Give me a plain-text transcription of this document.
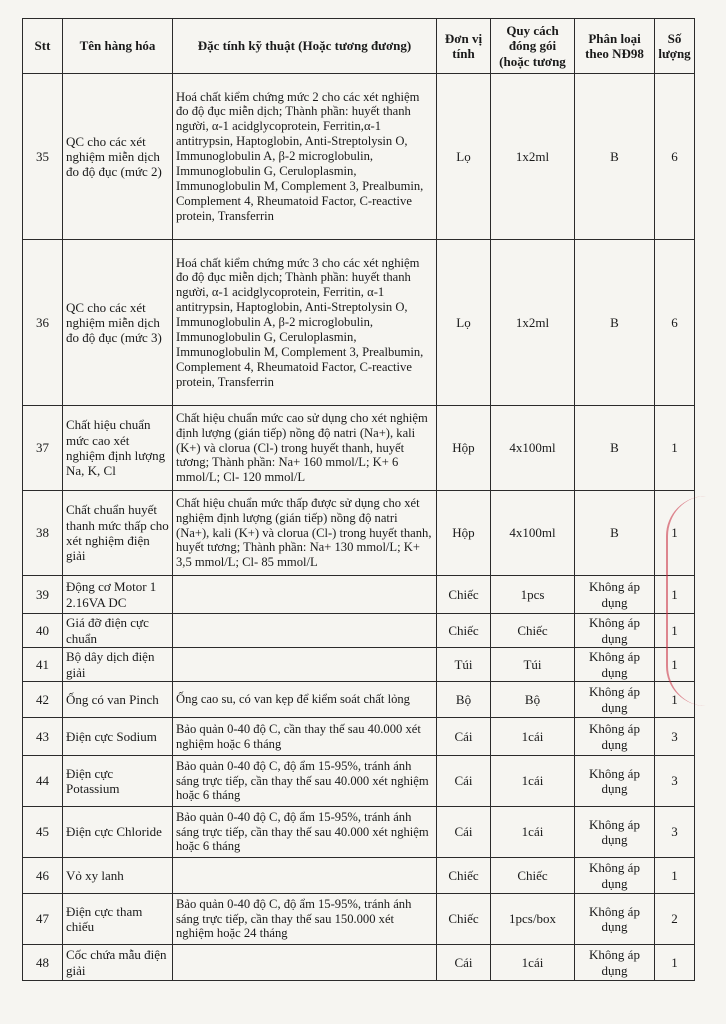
Stt	Tên hàng hóa	Đặc tính kỹ thuật (Hoặc tương đương)	Đơn vị tính	Quy cách đóng gói (hoặc tương	Phân loại theo NĐ98	Số lượng
35	QC cho các xét nghiệm miễn dịch đo độ đục (mức 2)	Hoá chất kiểm chứng mức 2 cho các xét nghiệm đo độ đục miễn dịch; Thành phần: huyết thanh người, α-1 acidglycoprotein, Ferritin,α-1 antitrypsin, Haptoglobin, Anti-Streptolysin O, Immunoglobulin A, β-2 microglobulin, Immunoglobulin G, Ceruloplasmin, Immunoglobulin M, Complement 3, Prealbumin, Complement 4, Rheumatoid Factor, C-reactive protein, Transferrin	Lọ	1x2ml	B	6
36	QC cho các xét nghiệm miễn dịch đo độ đục (mức 3)	Hoá chất kiểm chứng mức 3 cho các xét nghiệm đo độ đục miễn dịch; Thành phần: huyết thanh người, α-1 acidglycoprotein, Ferritin, α-1 antitrypsin, Haptoglobin, Anti-Streptolysin O, Immunoglobulin A, β-2 microglobulin, Immunoglobulin G, Ceruloplasmin, Immunoglobulin M, Complement 3, Prealbumin, Complement 4, Rheumatoid Factor, C-reactive protein, Transferrin	Lọ	1x2ml	B	6
37	Chất hiệu chuẩn mức cao xét nghiệm định lượng Na, K, Cl	Chất hiệu chuẩn mức cao sử dụng cho xét nghiệm định lượng (gián tiếp) nồng độ natri (Na+), kali (K+) và clorua (Cl-) trong huyết thanh, huyết tương; Thành phần: Na+ 160 mmol/L; K+ 6 mmol/L; Cl- 120 mmol/L	Hộp	4x100ml	B	1
38	Chất chuẩn huyết thanh mức thấp cho xét nghiệm điện giải	Chất hiệu chuẩn mức thấp được sử dụng cho xét nghiệm định lượng (gián tiếp) nồng độ natri (Na+), kali (K+) và clorua (Cl-) trong huyết thanh, huyết tương; Thành phần: Na+ 130 mmol/L; K+ 3,5 mmol/L; Cl- 85 mmol/L	Hộp	4x100ml	B	1
39	Động cơ Motor 1 2.16VA DC		Chiếc	1pcs	Không áp dụng	1
40	Giá đỡ điện cực chuẩn		Chiếc	Chiếc	Không áp dụng	1
41	Bộ dây dịch điện giải		Túi	Túi	Không áp dụng	1
42	Ống có van Pinch	Ống cao su, có van kẹp để kiểm soát chất lỏng	Bộ	Bộ	Không áp dụng	1
43	Điện cực Sodium	Bảo quản 0-40 độ C, cần thay thế sau 40.000 xét nghiệm hoặc 6 tháng	Cái	1cái	Không áp dụng	3
44	Điện cực Potassium	Bảo quản 0-40 độ C, độ ẩm 15-95%, tránh ánh sáng trực tiếp, cần thay thế sau 40.000 xét nghiệm hoặc 6 tháng	Cái	1cái	Không áp dụng	3
45	Điện cực Chloride	Bảo quản 0-40 độ C, độ ẩm 15-95%, tránh ánh sáng trực tiếp, cần thay thế sau 40.000 xét nghiệm hoặc 6 tháng	Cái	1cái	Không áp dụng	3
46	Vỏ xy lanh		Chiếc	Chiếc	Không áp dụng	1
47	Điện cực tham chiếu	Bảo quản 0-40 độ C, độ ẩm 15-95%, tránh ánh sáng trực tiếp, cần thay thế sau 150.000 xét nghiệm hoặc 24 tháng	Chiếc	1pcs/box	Không áp dụng	2
48	Cốc chứa mẫu điện giải		Cái	1cái	Không áp dụng	1
